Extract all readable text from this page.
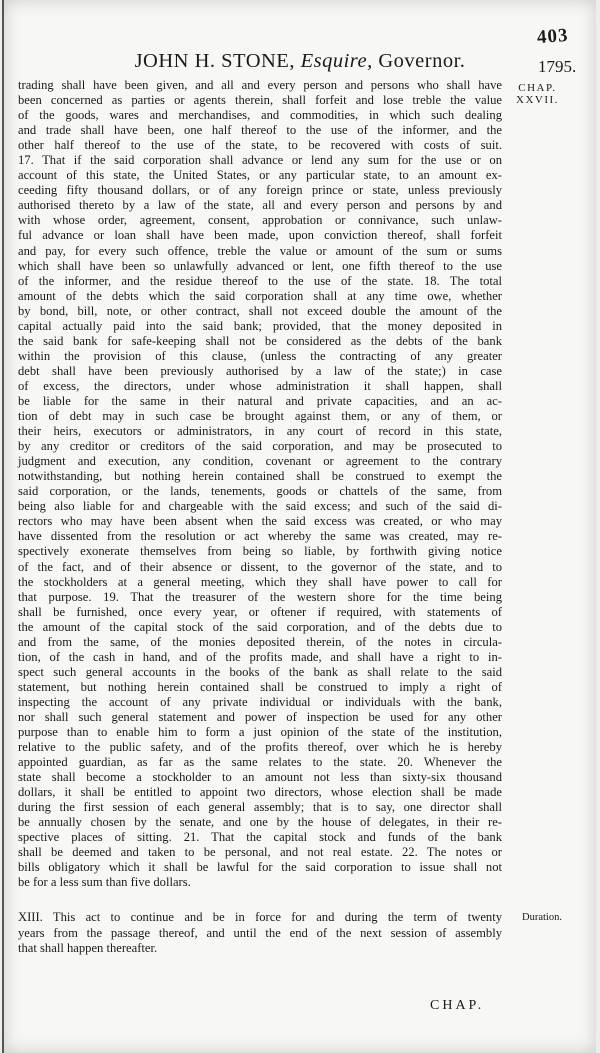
403
JOHN H. STONE, Esquire, Governor.	1795.
CHAP.
XXVII.
trading shall have been given, and all and every person and persons who shall have
been concerned as parties or agents therein, shall forfeit and lose treble the value
of the goods, wares and merchandises, and commodities, in which such dealing
and trade shall have been, one half thereof to the use of the informer, and the
other half thereof to the use of the state, to be recovered with costs of suit.
17. That if the said corporation shall advance or lend any sum for the use or on
account of this state, the United States, or any particular state, to an amount ex-
ceeding fifty thousand dollars, or of any foreign prince or state, unless previously
authorised thereto by a law of the state, all and every person and persons by and
with whose order, agreement, consent, approbation or connivance, such unlaw-
ful advance or loan shall have been made, upon conviction thereof, shall forfeit
and pay, for every such offence, treble the value or amount of the sum or sums
which shall have been so unlawfully advanced or lent, one fifth thereof to the use
of the informer, and the residue thereof to the use of the state. 18. The total
amount of the debts which the said corporation shall at any time owe, whether
by bond, bill, note, or other contract, shall not exceed double the amount of the
capital actually paid into the said bank; provided, that the money deposited in
the said bank for safe-keeping shall not be considered as the debts of the bank
within the provision of this clause, (unless the contracting of any greater
debt shall have been previously authorised by a law of the state;) in case
of excess, the directors, under whose administration it shall happen, shall
be liable for the same in their natural and private capacities, and an ac-
tion of debt may in such case be brought against them, or any of them, or
their heirs, executors or administrators, in any court of record in this state,
by any creditor or creditors of the said corporation, and may be prosecuted to
judgment and execution, any condition, covenant or agreement to the contrary
notwithstanding, but nothing herein contained shall be construed to exempt the
said corporation, or the lands, tenements, goods or chattels of the same, from
being also liable for and chargeable with the said excess; and such of the said di-
rectors who may have been absent when the said excess was created, or who may
have dissented from the resolution or act whereby the same was created, may re-
spectively exonerate themselves from being so liable, by forthwith giving notice
of the fact, and of their absence or dissent, to the governor of the state, and to
the stockholders at a general meeting, which they shall have power to call for
that purpose. 19. That the treasurer of the western shore for the time being
shall be furnished, once every year, or oftener if required, with statements of
the amount of the capital stock of the said corporation, and of the debts due to
and from the same, of the monies deposited therein, of the notes in circula-
tion, of the cash in hand, and of the profits made, and shall have a right to in-
spect such general accounts in the books of the bank as shall relate to the said
statement, but nothing herein contained shall be construed to imply a right of
inspecting the account of any private individual or individuals with the bank,
nor shall such general statement and power of inspection be used for any other
purpose than to enable him to form a just opinion of the state of the institution,
relative to the public safety, and of the profits thereof, over which he is hereby
appointed guardian, as far as the same relates to the state. 20. Whenever the
state shall become a stockholder to an amount not less than sixty-six thousand
dollars, it shall be entitled to appoint two directors, whose election shall be made
during the first session of each general assembly; that is to say, one director shall
be annually chosen by the senate, and one by the house of delegates, in their re-
spective places of sitting. 21. That the capital stock and funds of the bank
shall be deemed and taken to be personal, and not real estate. 22. The notes or
bills obligatory which it shall be lawful for the said corporation to issue shall not
be for a less sum than five dollars.
XIII. This act to continue and be in force for and during the term of twenty
years from the passage thereof, and until the end of the next session of assembly
that shall happen thereafter.
Duration.
CHAP.
